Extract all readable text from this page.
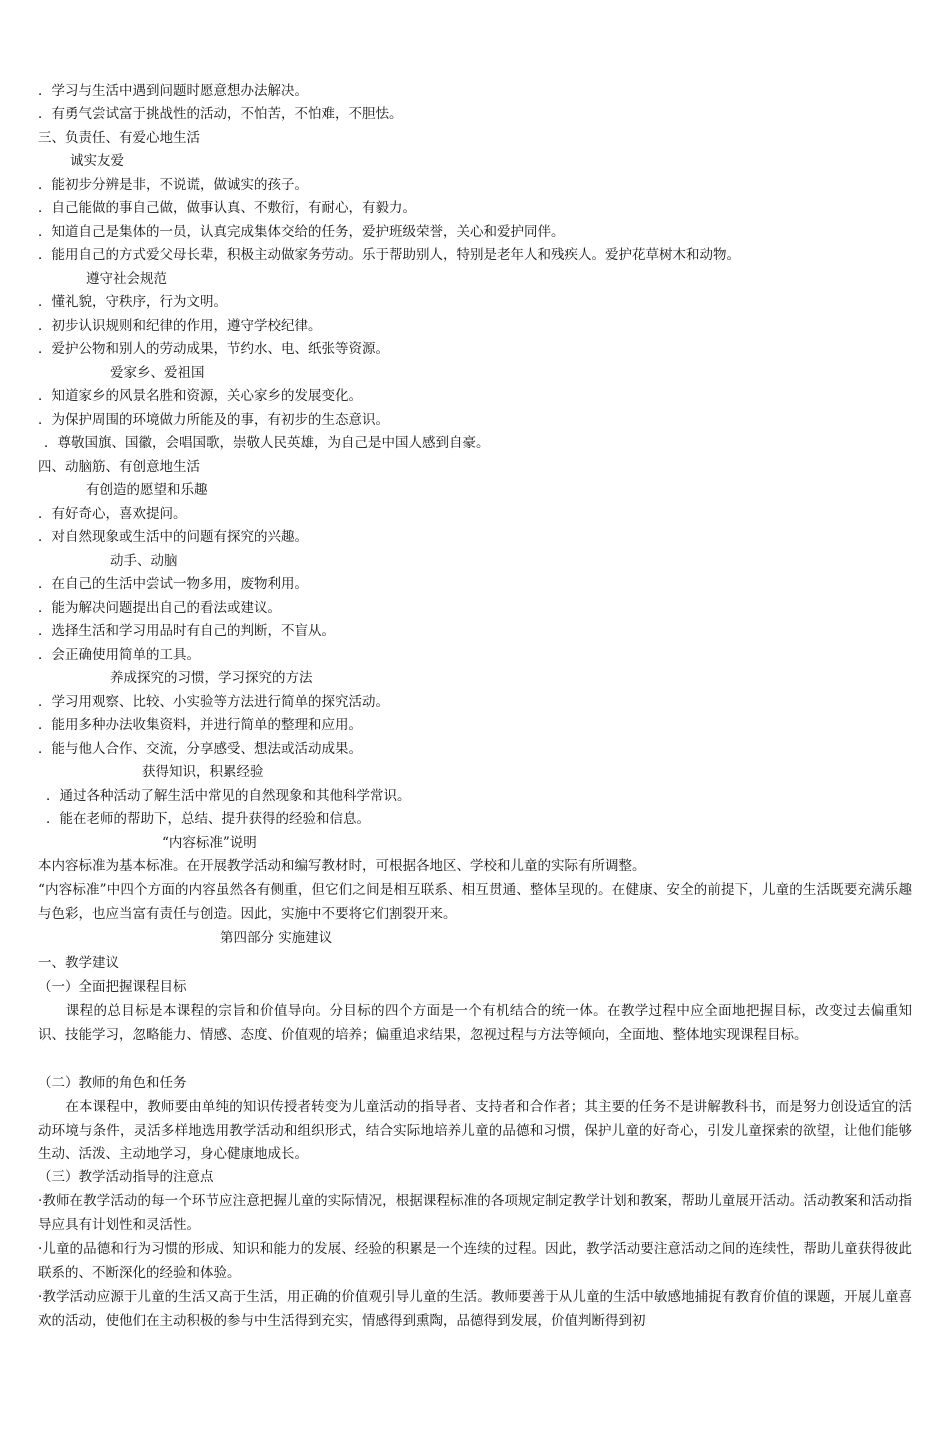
．学习与生活中遇到问题时愿意想办法解决。
．有勇气尝试富于挑战性的活动，不怕苦，不怕难，不胆怯。
三、负责任、有爱心地生活
诚实友爱
．能初步分辨是非，不说谎，做诚实的孩子。
．自己能做的事自己做，做事认真、不敷衍，有耐心，有毅力。
．知道自己是集体的一员，认真完成集体交给的任务，爱护班级荣誉，关心和爱护同伴。
．能用自己的方式爱父母长辈，积极主动做家务劳动。乐于帮助别人，特别是老年人和残疾人。爱护花草树木和动物。
遵守社会规范
．懂礼貌，守秩序，行为文明。
．初步认识规则和纪律的作用，遵守学校纪律。
．爱护公物和别人的劳动成果，节约水、电、纸张等资源。
爱家乡、爱祖国
．知道家乡的风景名胜和资源，关心家乡的发展变化。
．为保护周围的环境做力所能及的事，有初步的生态意识。
．尊敬国旗、国徽，会唱国歌，崇敬人民英雄，为自己是中国人感到自豪。
四、动脑筋、有创意地生活
有创造的愿望和乐趣
．有好奇心，喜欢提问。
．对自然现象或生活中的问题有探究的兴趣。
动手、动脑
．在自己的生活中尝试一物多用，废物利用。
．能为解决问题提出自己的看法或建议。
．选择生活和学习用品时有自己的判断，不盲从。
．会正确使用简单的工具。
养成探究的习惯，学习探究的方法
．学习用观察、比较、小实验等方法进行简单的探究活动。
．能用多种办法收集资料，并进行简单的整理和应用。
．能与他人合作、交流，分享感受、想法或活动成果。
获得知识，积累经验
．通过各种活动了解生活中常见的自然现象和其他科学常识。
．能在老师的帮助下，总结、提升获得的经验和信息。
“内容标准”说明
本内容标准为基本标准。在开展教学活动和编写教材时，可根据各地区、学校和儿童的实际有所调整。
“内容标准”中四个方面的内容虽然各有侧重，但它们之间是相互联系、相互贯通、整体呈现的。在健康、安全的前提下，儿童的生活既要充满乐趣与色彩，也应当富有责任与创造。因此，实施中不要将它们割裂开来。
第四部分 实施建议
一、教学建议
（一）全面把握课程目标
　　课程的总目标是本课程的宗旨和价值导向。分目标的四个方面是一个有机结合的统一体。在教学过程中应全面地把握目标，改变过去偏重知识、技能学习，忽略能力、情感、态度、价值观的培养；偏重追求结果，忽视过程与方法等倾向，全面地、整体地实现课程目标。
（二）教师的角色和任务
　　在本课程中，教师要由单纯的知识传授者转变为儿童活动的指导者、支持者和合作者；其主要的任务不是讲解教科书，而是努力创设适宜的活动环境与条件，灵活多样地选用教学活动和组织形式，结合实际地培养儿童的品德和习惯，保护儿童的好奇心，引发儿童探索的欲望，让他们能够生动、活泼、主动地学习，身心健康地成长。
（三）教学活动指导的注意点
·教师在教学活动的每一个环节应注意把握儿童的实际情况，根据课程标准的各项规定制定教学计划和教案，帮助儿童展开活动。活动教案和活动指导应具有计划性和灵活性。
·儿童的品德和行为习惯的形成、知识和能力的发展、经验的积累是一个连续的过程。因此，教学活动要注意活动之间的连续性，帮助儿童获得彼此联系的、不断深化的经验和体验。
·教学活动应源于儿童的生活又高于生活，用正确的价值观引导儿童的生活。教师要善于从儿童的生活中敏感地捕捉有教育价值的课题，开展儿童喜欢的活动，使他们在主动积极的参与中生活得到充实，情感得到熏陶，品德得到发展，价值判断得到初
